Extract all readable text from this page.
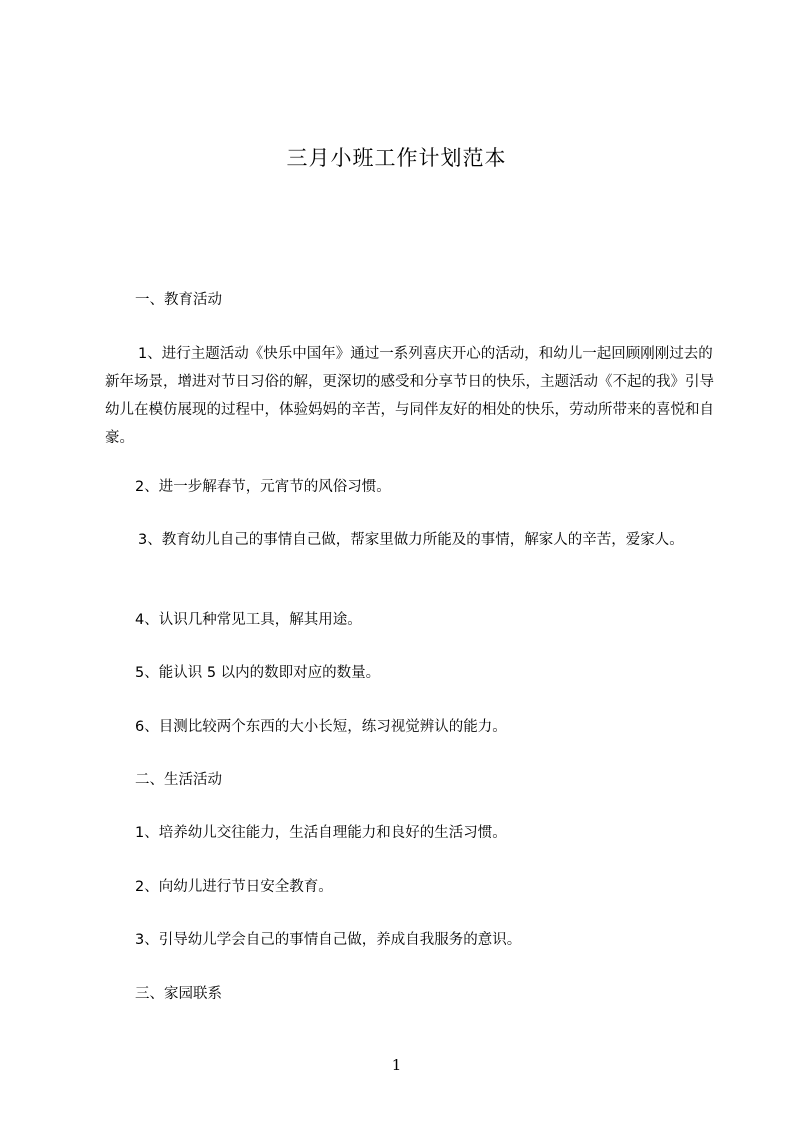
三月小班工作计划范本

一、教育活动

1、进行主题活动《快乐中国年》通过一系列喜庆开心的活动，和幼儿一起回顾刚刚过去的新年场景，增进对节日习俗的解，更深切的感受和分享节日的快乐，主题活动《不起的我》引导幼儿在模仿展现的过程中，体验妈妈的辛苦，与同伴友好的相处的快乐，劳动所带来的喜悦和自豪。

2、进一步解春节，元宵节的风俗习惯。

3、教育幼儿自己的事情自己做，帮家里做力所能及的事情，解家人的辛苦，爱家人。

4、认识几种常见工具，解其用途。

5、能认识 5 以内的数即对应的数量。

6、目测比较两个东西的大小长短，练习视觉辨认的能力。

二、生活活动

1、培养幼儿交往能力，生活自理能力和良好的生活习惯。

2、向幼儿进行节日安全教育。

3、引导幼儿学会自己的事情自己做，养成自我服务的意识。

三、家园联系

1
